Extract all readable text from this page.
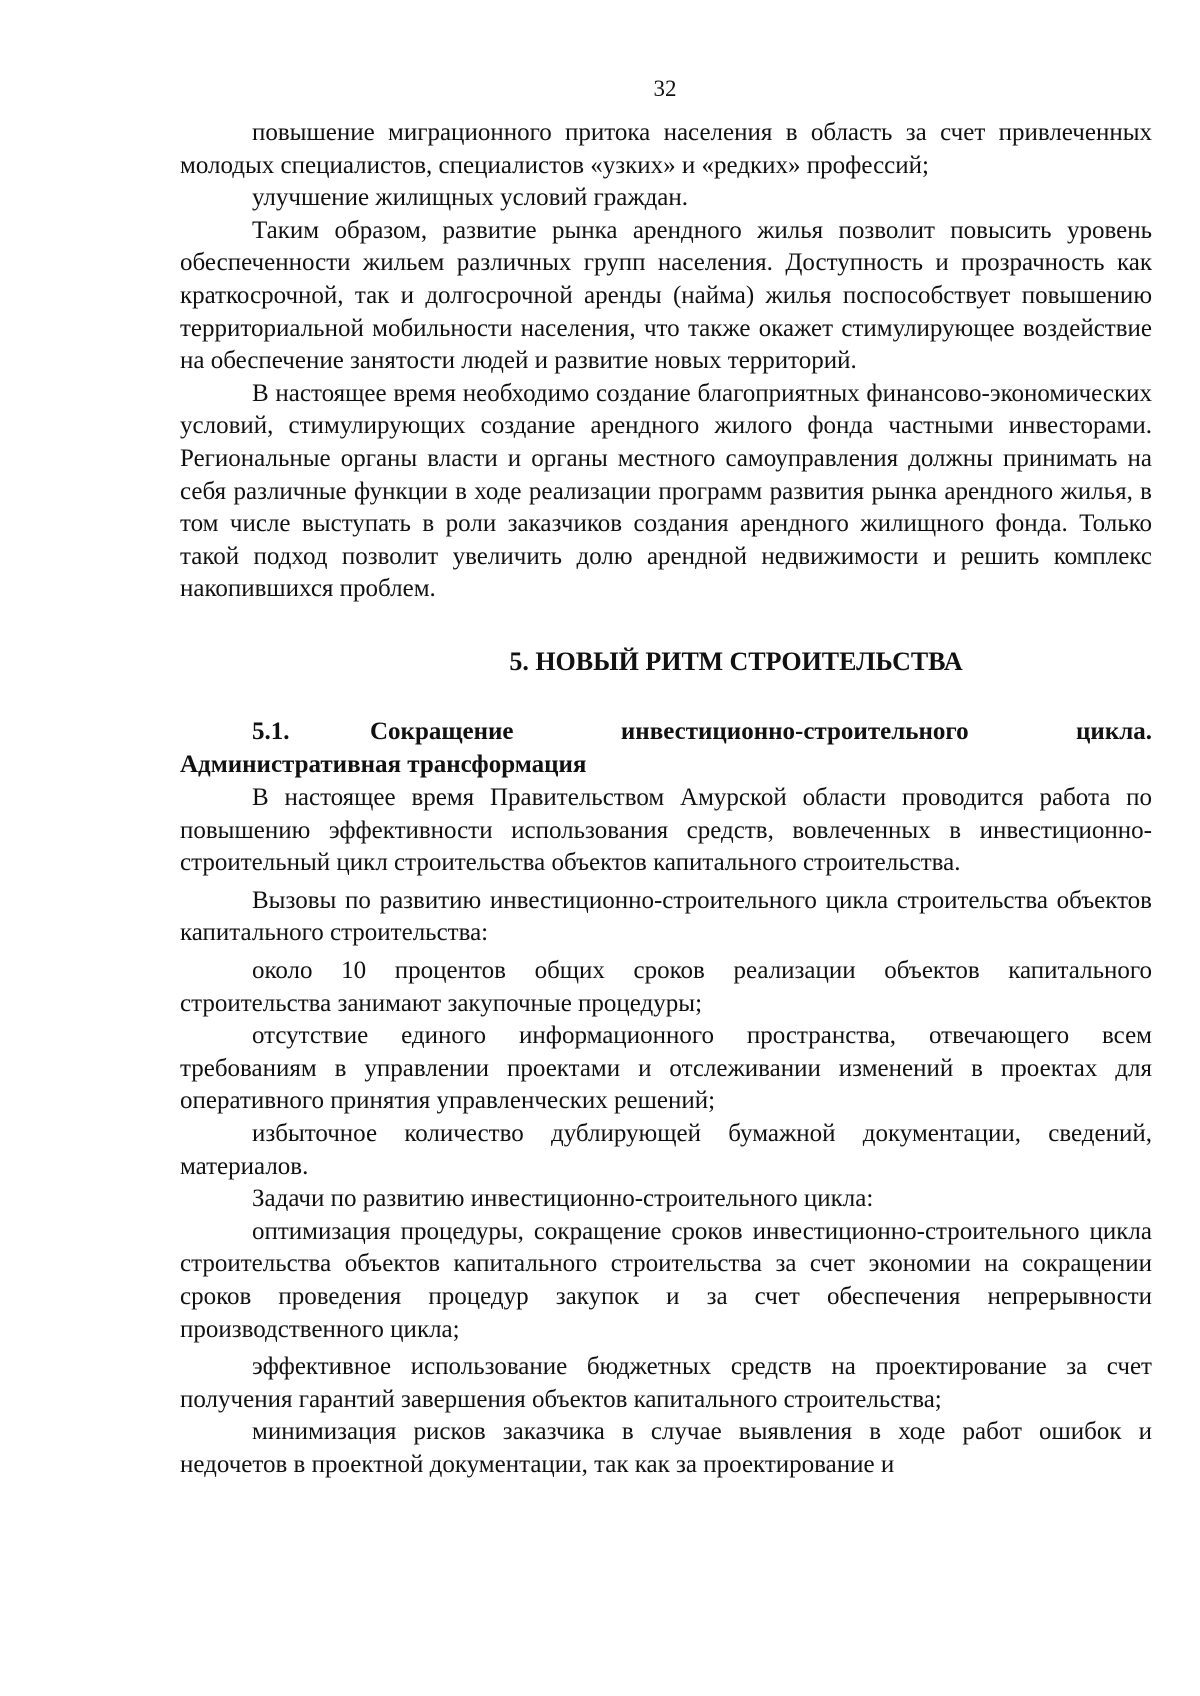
32

повышение миграционного притока населения в область за счет привлеченных молодых специалистов, специалистов «узких» и «редких» профессий;

улучшение жилищных условий граждан.

Таким образом, развитие рынка арендного жилья позволит повысить уровень обеспеченности жильем различных групп населения. Доступность и прозрачность как краткосрочной, так и долгосрочной аренды (найма) жилья поспособствует повышению территориальной мобильности населения, что также окажет стимулирующее воздействие на обеспечение занятости людей и развитие новых территорий.

В настоящее время необходимо создание благоприятных финансово-экономических условий, стимулирующих создание арендного жилого фонда частными инвесторами. Региональные органы власти и органы местного самоуправления должны принимать на себя различные функции в ходе реализации программ развития рынка арендного жилья, в том числе выступать в роли заказчиков создания арендного жилищного фонда. Только такой подход позволит увеличить долю арендной недвижимости и решить комплекс накопившихся проблем.

5. НОВЫЙ РИТМ СТРОИТЕЛЬСТВА

5.1.	Сокращение инвестиционно-строительного цикла. Административная трансформация

В настоящее время Правительством Амурской области проводится работа по повышению эффективности использования средств, вовлеченных в инвестиционно-строительный цикл строительства объектов капитального строительства.

Вызовы по развитию инвестиционно-строительного цикла строительства объектов капитального строительства:

около 10 процентов общих сроков реализации объектов капитального строительства занимают закупочные процедуры;

отсутствие единого информационного пространства, отвечающего всем требованиям в управлении проектами и отслеживании изменений в проектах для оперативного принятия управленческих решений;

избыточное количество дублирующей бумажной документации, сведений, материалов.

Задачи по развитию инвестиционно-строительного цикла:

оптимизация процедуры, сокращение сроков инвестиционно-строительного цикла строительства объектов капитального строительства за счет экономии на сокращении сроков проведения процедур закупок и за счет обеспечения непрерывности производственного цикла;

эффективное использование бюджетных средств на проектирование за счет получения гарантий завершения объектов капитального строительства;

минимизация рисков заказчика в случае выявления в ходе работ ошибок и недочетов в проектной документации, так как за проектирование и
